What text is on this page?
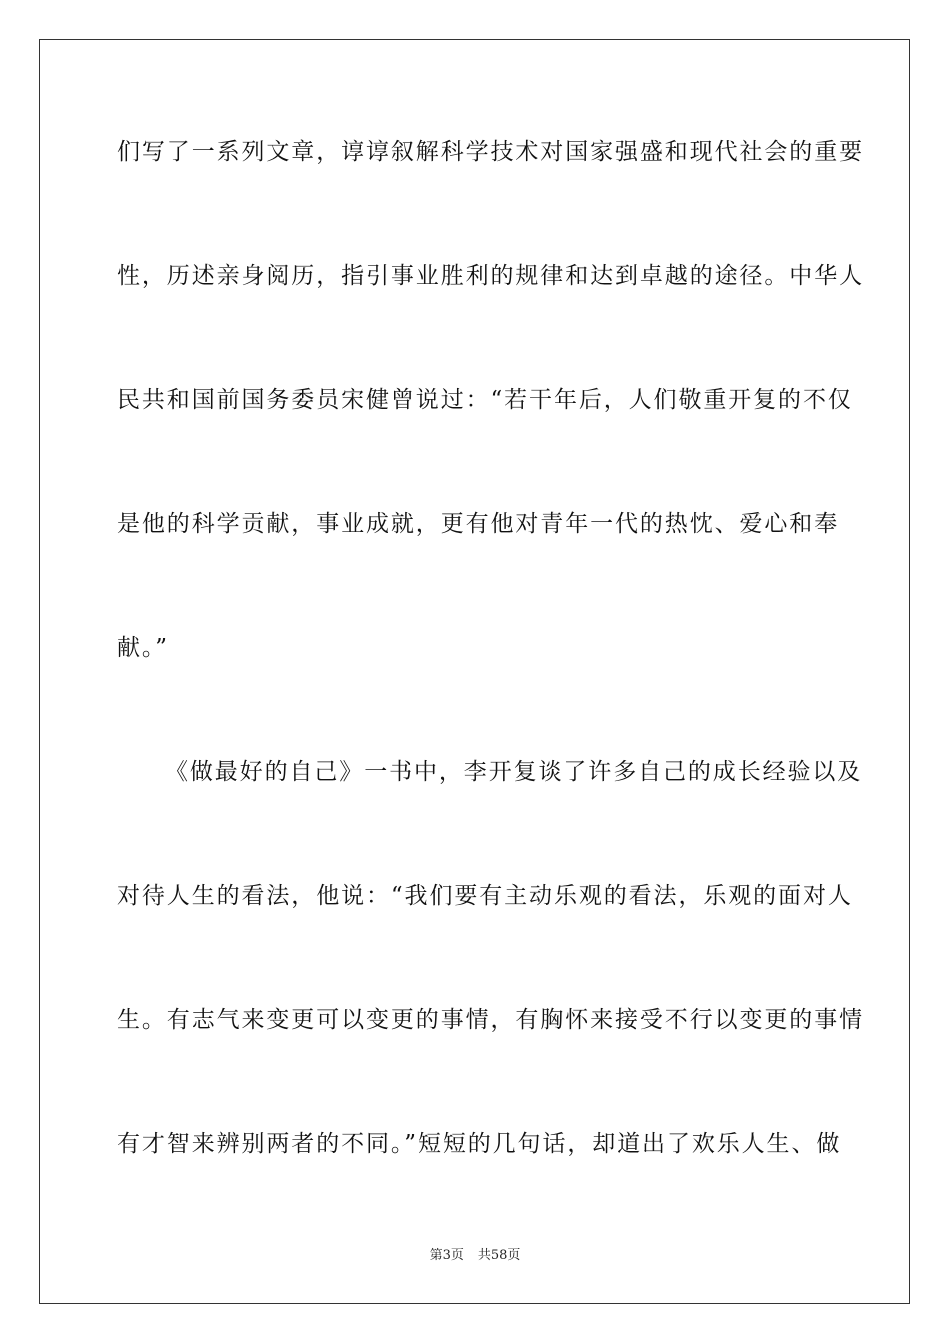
们写了一系列文章，谆谆叙解科学技术对国家强盛和现代社会的重要
性，历述亲身阅历，指引事业胜利的规律和达到卓越的途径。中华人
民共和国前国务委员宋健曾说过：“若干年后，人们敬重开复的不仅
是他的科学贡献，事业成就，更有他对青年一代的热忱、爱心和奉
献。”
《做最好的自己》一书中，李开复谈了许多自己的成长经验以及
对待人生的看法，他说：“我们要有主动乐观的看法，乐观的面对人
生。有志气来变更可以变更的事情，有胸怀来接受不行以变更的事情
有才智来辨别两者的不同。”短短的几句话，却道出了欢乐人生、做
第3页 共58页
